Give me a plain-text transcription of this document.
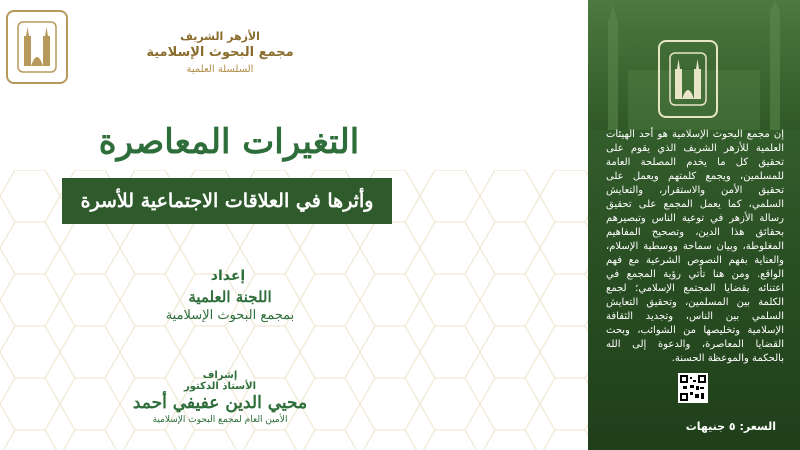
الأزهر الشريف
مجمع البحوث الإسلامية
السلسلة العلمية
التغيرات المعاصرة
وأثرها في العلاقات الاجتماعية للأسرة
إعداد
اللجنة العلمية
بمجمع البحوث الإسلامية
إشراف
الأستاذ الدكتور
محيي الدين عفيفي أحمد
الأمين العام لمجمع البحوث الإسلامية

إن مجمع البحوث الإسلامية هو أحد الهيئات العلمية للأزهر الشريف الذي يقوم على تحقيق كل ما يخدم المصلحة العامة للمسلمين، ويجمع كلمتهم ويعمل على تحقيق الأمن والاستقرار، والتعايش السلمي، كما يعمل المجمع على تحقيق رسالة الأزهر في توعية الناس وتبصيرهم بحقائق هذا الدين، وتصحيح المفاهيم المغلوطة، وبيان سماحة ووسطية الإسلام، والعناية بفهم النصوص الشرعية مع فهم الواقع. ومن هنا تأتي رؤية المجمع في اعتنائه بقضايا المجتمع الإسلامي؛ لجمع الكلمة بين المسلمين، وتحقيق التعايش السلمي بين الناس، وتجديد الثقافة الإسلامية وتخليصها من الشوائب، وبحث القضايا المعاصرة، والدعوة إلى الله بالحكمة والموعظة الحسنة.

السعر: ٥ جنيهات
